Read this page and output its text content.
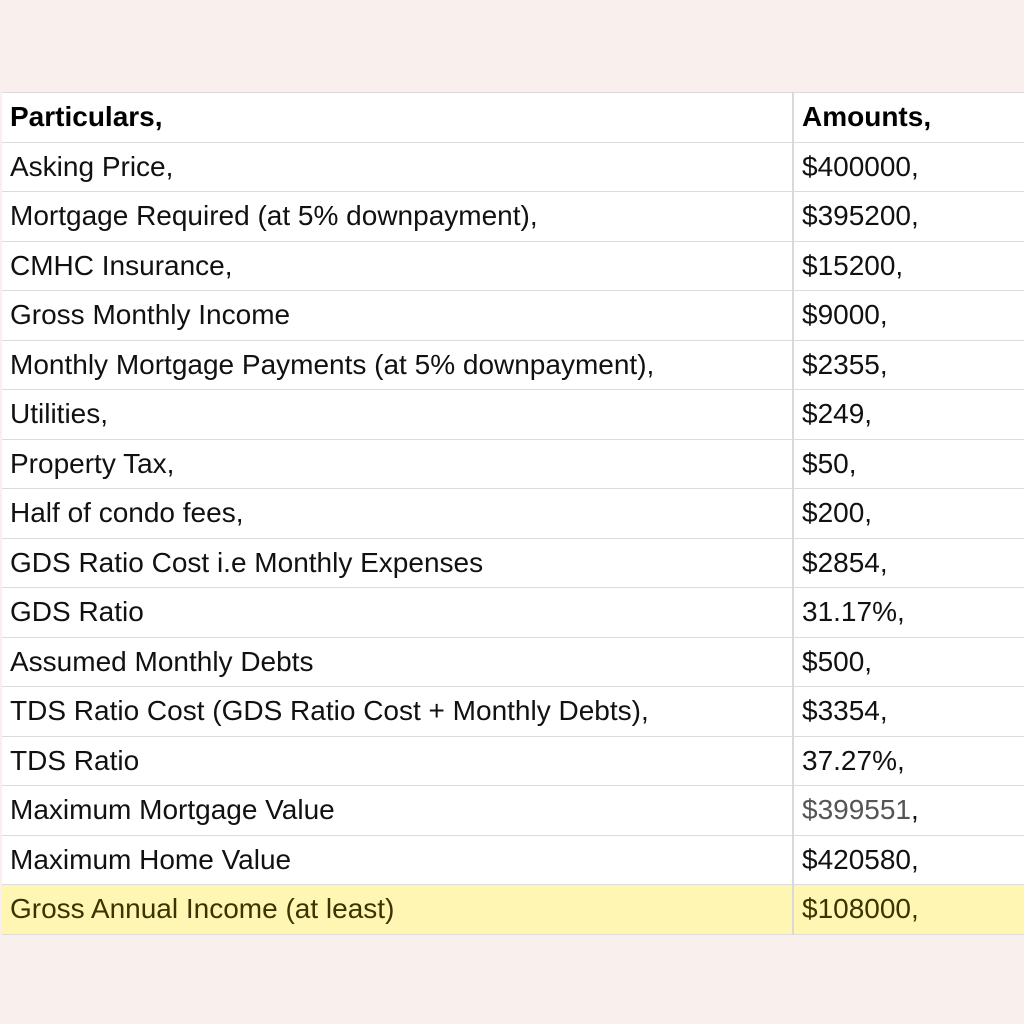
Particulars,	Amounts,
Asking Price,	$400000,
Mortgage Required (at 5% downpayment),	$395200,
CMHC Insurance,	$15200,
Gross Monthly Income	$9000,
Monthly Mortgage Payments (at 5% downpayment),	$2355,
Utilities,	$249,
Property Tax,	$50,
Half of condo fees,	$200,
GDS Ratio Cost i.e Monthly Expenses	$2854,
GDS Ratio	31.17%,
Assumed Monthly Debts	$500,
TDS Ratio Cost (GDS Ratio Cost + Monthly Debts),	$3354,
TDS Ratio	37.27%,
Maximum Mortgage Value	$399551,
Maximum Home Value	$420580,
Gross Annual Income (at least)	$108000,
